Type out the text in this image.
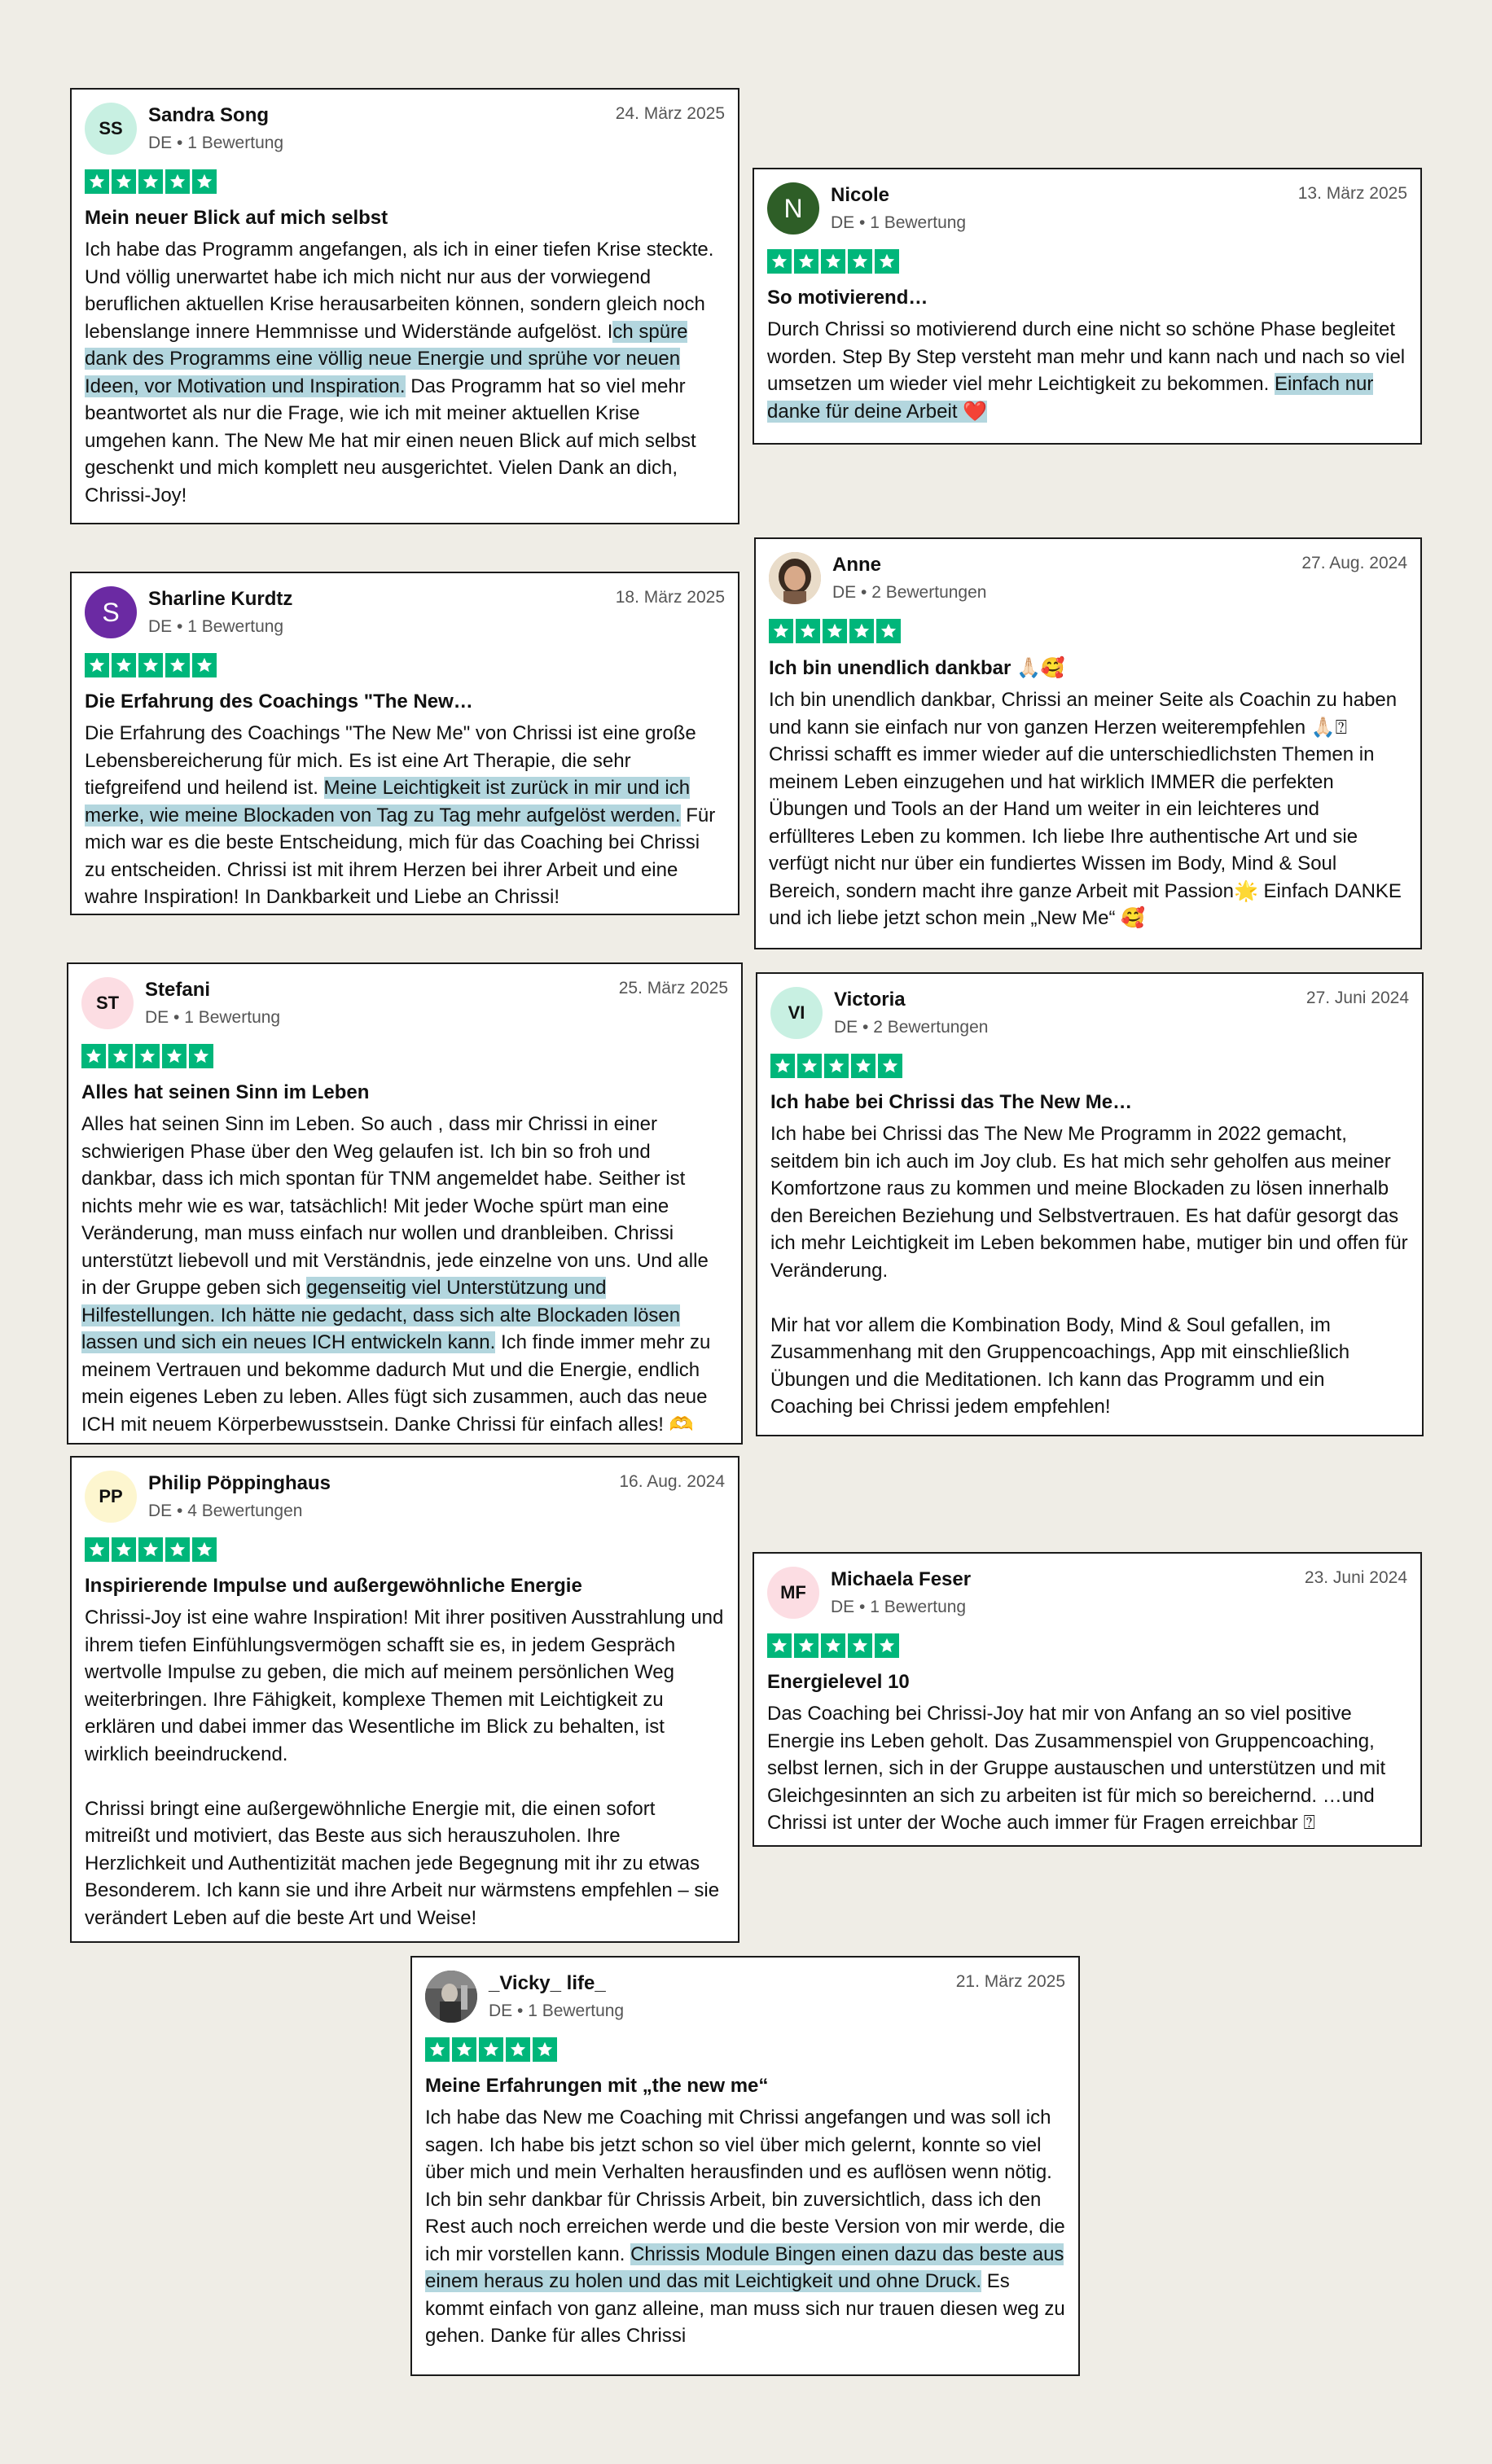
SS
Sandra Song
DE • 1 Bewertung
24. März 2025
Mein neuer Blick auf mich selbst
Ich habe das Programm angefangen, als ich in einer tiefen Krise steckte. Und völlig unerwartet habe ich mich nicht nur aus der vorwiegend beruflichen aktuellen Krise herausarbeiten können, sondern gleich noch lebenslange innere Hemmnisse und Widerstände aufgelöst. Ich spüre dank des Programms eine völlig neue Energie und sprühe vor neuen Ideen, vor Motivation und Inspiration. Das Programm hat so viel mehr beantwortet als nur die Frage, wie ich mit meiner aktuellen Krise umgehen kann. The New Me hat mir einen neuen Blick auf mich selbst geschenkt und mich komplett neu ausgerichtet. Vielen Dank an dich, Chrissi-Joy!
N	Nicole
DE • 1 Bewertung
13. März 2025
So motivierend…
Durch Chrissi so motivierend durch eine nicht so schöne Phase begleitet worden. Step By Step versteht man mehr und kann nach und nach so viel umsetzen um wieder viel mehr Leichtigkeit zu bekommen. Einfach nur danke für deine Arbeit ❤️
S	Sharline Kurdtz
DE • 1 Bewertung
18. März 2025
Die Erfahrung des Coachings "The New…
Die Erfahrung des Coachings "The New Me" von Chrissi ist eine große Lebensbereicherung für mich. Es ist eine Art Therapie, die sehr tiefgreifend und heilend ist. Meine Leichtigkeit ist zurück in mir und ich merke, wie meine Blockaden von Tag zu Tag mehr aufgelöst werden. Für mich war es die beste Entscheidung, mich für das Coaching bei Chrissi zu entscheiden. Chrissi ist mit ihrem Herzen bei ihrer Arbeit und eine wahre Inspiration! In Dankbarkeit und Liebe an Chrissi!
Anne
DE • 2 Bewertungen
27. Aug. 2024
Ich bin unendlich dankbar 🙏🏻🥰
Ich bin unendlich dankbar, Chrissi an meiner Seite als Coachin zu haben und kann sie einfach nur von ganzen Herzen weiterempfehlen 🙏🏻⍰
Chrissi schafft es immer wieder auf die unterschiedlichsten Themen in meinem Leben einzugehen und hat wirklich IMMER die perfekten Übungen und Tools an der Hand um weiter in ein leichteres und erfüllteres Leben zu kommen. Ich liebe Ihre authentische Art und sie verfügt nicht nur über ein fundiertes Wissen im Body, Mind & Soul Bereich, sondern macht ihre ganze Arbeit mit Passion🌟 Einfach DANKE und ich liebe jetzt schon mein „New Me“ 🥰
ST
Stefani
DE • 1 Bewertung
25. März 2025
Alles hat seinen Sinn im Leben
Alles hat seinen Sinn im Leben. So auch , dass mir Chrissi in einer schwierigen Phase über den Weg gelaufen ist. Ich bin so froh und dankbar, dass ich mich spontan für TNM angemeldet habe. Seither ist nichts mehr wie es war, tatsächlich! Mit jeder Woche spürt man eine Veränderung, man muss einfach nur wollen und dranbleiben. Chrissi unterstützt liebevoll und mit Verständnis, jede einzelne von uns. Und alle in der Gruppe geben sich gegenseitig viel Unterstützung und Hilfestellungen. Ich hätte nie gedacht, dass sich alte Blockaden lösen lassen und sich ein neues ICH entwickeln kann. Ich finde immer mehr zu meinem Vertrauen und bekomme dadurch Mut und die Energie, endlich mein eigenes Leben zu leben. Alles fügt sich zusammen, auch das neue ICH mit neuem Körperbewusstsein. Danke Chrissi für einfach alles! 🫶
VI
Victoria
DE • 2 Bewertungen
27. Juni 2024
Ich habe bei Chrissi das The New Me…
Ich habe bei Chrissi das The New Me Programm in 2022 gemacht, seitdem bin ich auch im Joy club. Es hat mich sehr geholfen aus meiner Komfortzone raus zu kommen und meine Blockaden zu lösen innerhalb den Bereichen Beziehung und Selbstvertrauen. Es hat dafür gesorgt das ich mehr Leichtigkeit im Leben bekommen habe, mutiger bin und offen für Veränderung.

Mir hat vor allem die Kombination Body, Mind & Soul gefallen, im Zusammenhang mit den Gruppencoachings, App mit einschließlich Übungen und die Meditationen. Ich kann das Programm und ein Coaching bei Chrissi jedem empfehlen!
PP
Philip Pöppinghaus
DE • 4 Bewertungen
16. Aug. 2024
Inspirierende Impulse und außergewöhnliche Energie
Chrissi-Joy ist eine wahre Inspiration! Mit ihrer positiven Ausstrahlung und ihrem tiefen Einfühlungsvermögen schafft sie es, in jedem Gespräch wertvolle Impulse zu geben, die mich auf meinem persönlichen Weg weiterbringen. Ihre Fähigkeit, komplexe Themen mit Leichtigkeit zu erklären und dabei immer das Wesentliche im Blick zu behalten, ist wirklich beeindruckend.

Chrissi bringt eine außergewöhnliche Energie mit, die einen sofort mitreißt und motiviert, das Beste aus sich herauszuholen. Ihre Herzlichkeit und Authentizität machen jede Begegnung mit ihr zu etwas Besonderem. Ich kann sie und ihre Arbeit nur wärmstens empfehlen – sie verändert Leben auf die beste Art und Weise!
MF
Michaela Feser
DE • 1 Bewertung
23. Juni 2024
Energielevel 10
Das Coaching bei Chrissi-Joy hat mir von Anfang an so viel positive Energie ins Leben geholt. Das Zusammenspiel von Gruppencoaching, selbst lernen, sich in der Gruppe austauschen und unterstützen und mit Gleichgesinnten an sich zu arbeiten ist für mich so bereichernd. …und Chrissi ist unter der Woche auch immer für Fragen erreichbar ⍰
_Vicky_ life_
DE • 1 Bewertung
21. März 2025
Meine Erfahrungen mit „the new me“
Ich habe das New me Coaching mit Chrissi angefangen und was soll ich sagen. Ich habe bis jetzt schon so viel über mich gelernt, konnte so viel über mich und mein Verhalten herausfinden und es auflösen wenn nötig. Ich bin sehr dankbar für Chrissis Arbeit, bin zuversichtlich, dass ich den Rest auch noch erreichen werde und die beste Version von mir werde, die ich mir vorstellen kann. Chrissis Module Bingen einen dazu das beste aus einem heraus zu holen und das mit Leichtigkeit und ohne Druck. Es kommt einfach von ganz alleine, man muss sich nur trauen diesen weg zu gehen. Danke für alles Chrissi
